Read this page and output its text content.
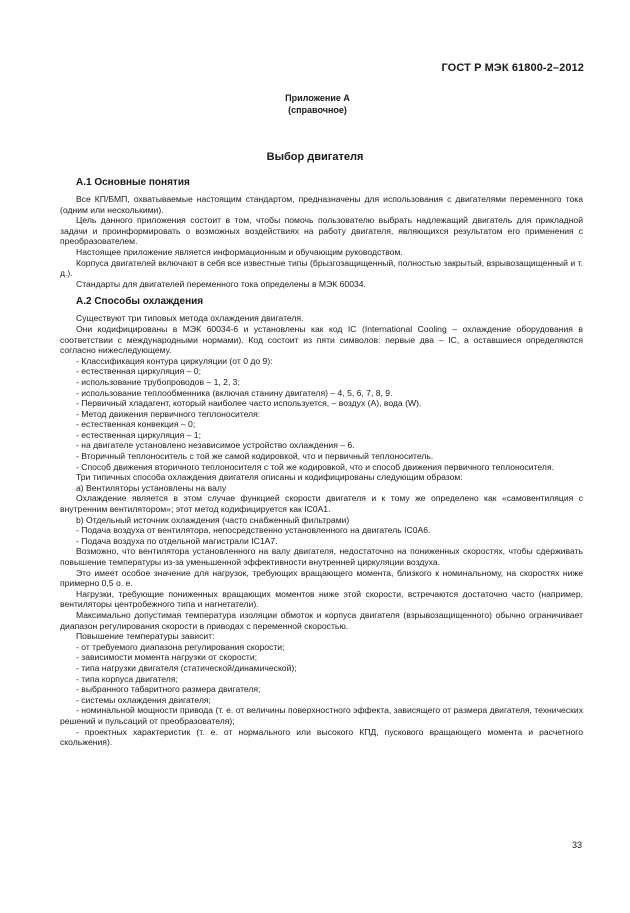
ГОСТ Р МЭК 61800-2–2012
Приложение А
(справочное)
Выбор двигателя
А.1 Основные понятия

Все КП/БМП, охватываемые настоящим стандартом, предназначены для использования с двигателями переменного тока (одним или несколькими).

Цель данного приложения состоит в том, чтобы помочь пользователю выбрать надлежащий двигатель для прикладной задачи и проинформировать о возможных воздействиях на работу двигателя, являющихся результатом его применения с преобразователем.

Настоящее приложение является информационным и обучающим руководством.

Корпуса двигателей включают в себя все известные типы (брызгозащищенный, полностью закрытый, взрывозащищенный и т. д.).

Стандарты для двигателей переменного тока определены в МЭК 60034.

А.2 Способы охлаждения

Существуют три типовых метода охлаждения двигателя.

Они кодифицированы в МЭК 60034-6 и установлены как код IC (International Cooling – охлаждение оборудования в соответствии с международными нормами). Код состоит из пяти символов: первые два – IC, а оставшиеся определяются согласно нижеследующему.

- Классификация контура циркуляции (от 0 до 9):

- естественная циркуляция – 0;

- использование трубопроводов – 1, 2, 3;

- использование теплообменника (включая станину двигателя) – 4, 5, 6, 7, 8, 9.

- Первичный хладагент, который наиболее часто используется, – воздух (А), вода (W).

- Метод движения первичного теплоносителя:

- естественная конвекция – 0;

- естественная циркуляция – 1;

- на двигателе установлено независимое устройство охлаждения – 6.

- Вторичный теплоноситель с той же самой кодировкой, что и первичный теплоноситель.

- Способ движения вторичного теплоносителя с той же кодировкой, что и способ движения первичного теплоносителя.

Три типичных способа охлаждения двигателя описаны и кодифицированы следующим образом:

а) Вентиляторы установлены на валу

Охлаждение является в этом случае функцией скорости двигателя и к тому же определено как «самовентиляция с внутренним вентилятором»; этот метод кодифицируется как IC0A1.

b) Отдельный источник охлаждения (часто снабженный фильтрами)

- Подача воздуха от вентилятора, непосредственно установленного на двигатель IC0A6.

- Подача воздуха по отдельной магистрали IC1A7.

Возможно, что вентилятора установленного на валу двигателя, недостаточно на пониженных скоростях, чтобы сдерживать повышение температуры из-за уменьшенной эффективности внутренней циркуляции воздуха.

Это имеет особое значение для нагрузок, требующих вращающего момента, близкого к номинальному, на скоростях ниже примерно 0,5 о. е.

Нагрузки, требующие пониженных вращающих моментов ниже этой скорости, встречаются достаточно часто (например, вентиляторы центробежного типа и нагнетатели).

Максимально допустимая температура изоляции обмоток и корпуса двигателя (взрывозащищенного) обычно ограничивает диапазон регулирования скорости в приводах с переменной скоростью.

Повышение температуры зависит:

- от требуемого диапазона регулирования скорости;

- зависимости момента нагрузки от скорости;

- типа нагрузки двигателя (статической/динамической);

- типа корпуса двигателя;

- выбранного табаритного размера двигателя;

- системы охлаждения двигателя;

- номинальной мощности привода (т. е. от величины поверхностного эффекта, зависящего от размера двигателя, технических решений и пульсаций от преобразователя);

- проектных характеристик (т. е. от нормального или высокого КПД, пускового вращающего момента и расчетного скольжения).

33
